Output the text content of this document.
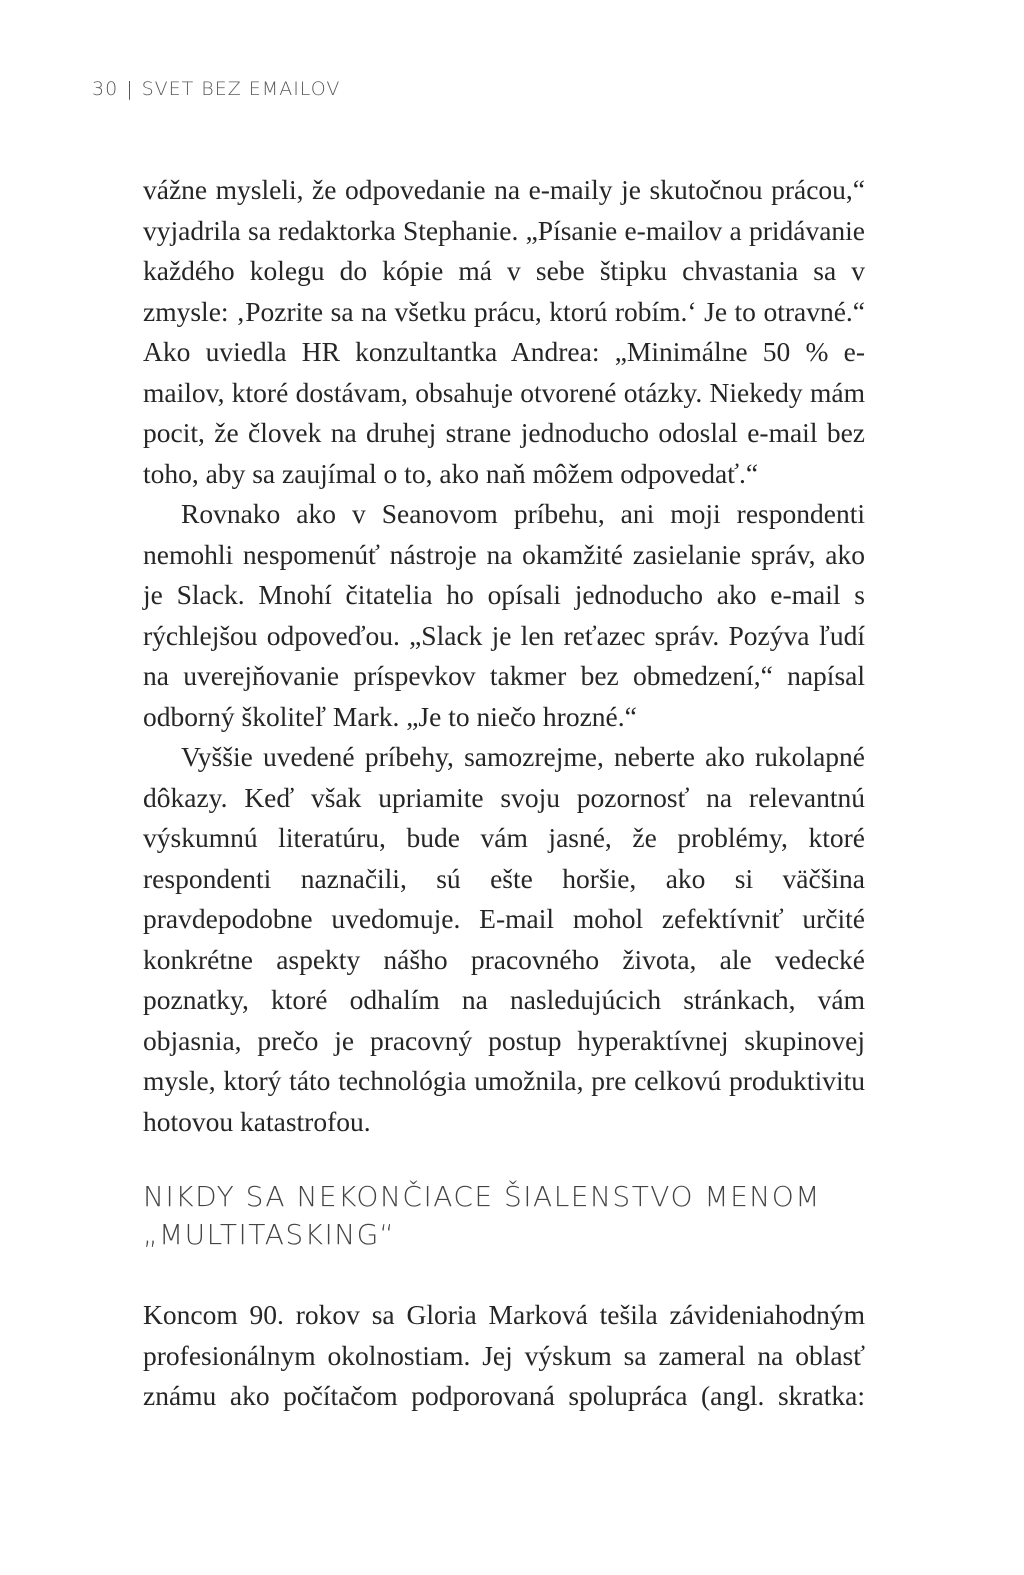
30 | SVET BEZ EMAILOV

vážne mysleli, že odpovedanie na e-maily je skutočnou prácou,“ vyjadrila sa redaktorka Stephanie. „Písanie e-mailov a pridávanie každého kolegu do kópie má v sebe štipku chvastania sa v zmysle: ‚Pozrite sa na všetku prácu, ktorú robím.‘ Je to otravné.“ Ako uviedla HR konzultantka Andrea: „Minimálne 50 % e-mailov, ktoré dostávam, obsahuje otvorené otázky. Niekedy mám pocit, že človek na druhej strane jednoducho odoslal e-mail bez toho, aby sa zaujímal o to, ako naň môžem odpovedať.“

Rovnako ako v Seanovom príbehu, ani moji respondenti nemohli nespomenúť nástroje na okamžité zasielanie správ, ako je Slack. Mnohí čitatelia ho opísali jednoducho ako e-mail s rýchlejšou odpoveďou. „Slack je len reťazec správ. Pozýva ľudí na uverejňovanie príspevkov takmer bez obmedzení,“ napísal odborný školiteľ Mark. „Je to niečo hrozné.“

Vyššie uvedené príbehy, samozrejme, neberte ako rukolapné dôkazy. Keď však upriamite svoju pozornosť na relevantnú výskumnú literatúru, bude vám jasné, že problémy, ktoré respondenti naznačili, sú ešte horšie, ako si väčšina pravdepodobne uvedomuje. E-mail mohol zefektívniť určité konkrétne aspekty nášho pracovného života, ale vedecké poznatky, ktoré odhalím na nasledujúcich stránkach, vám objasnia, prečo je pracovný postup hyperaktívnej skupinovej mysle, ktorý táto technológia umožnila, pre celkovú produktivitu hotovou katastrofou.

NIKDY SA NEKONČIACE ŠIALENSTVO MENOM „MULTITASKING“

Koncom 90. rokov sa Gloria Marková tešila závideniahodným profesionálnym okolnostiam. Jej výskum sa zameral na oblasť známu ako počítačom podporovaná spolupráca (angl. skratka:
